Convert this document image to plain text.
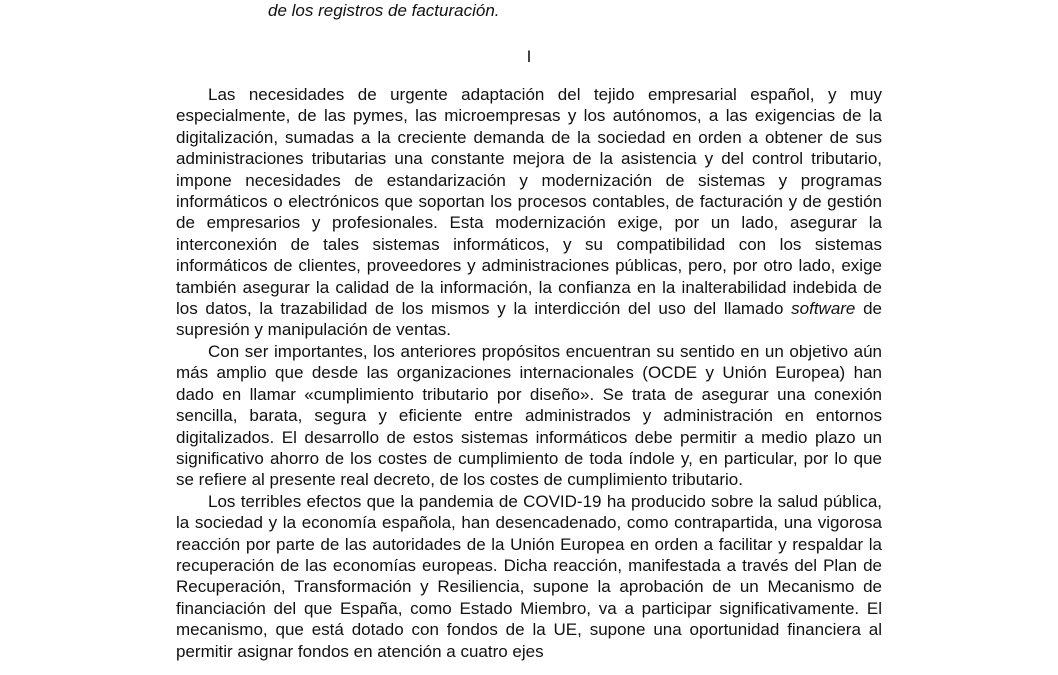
de los registros de facturación.
I

Las necesidades de urgente adaptación del tejido empresarial español, y muy especialmente, de las pymes, las microempresas y los autónomos, a las exigencias de la digitalización, sumadas a la creciente demanda de la sociedad en orden a obtener de sus administraciones tributarias una constante mejora de la asistencia y del control tributario, impone necesidades de estandarización y modernización de sistemas y programas informáticos o electrónicos que soportan los procesos contables, de facturación y de gestión de empresarios y profesionales. Esta modernización exige, por un lado, asegurar la interconexión de tales sistemas informáticos, y su compatibilidad con los sistemas informáticos de clientes, proveedores y administraciones públicas, pero, por otro lado, exige también asegurar la calidad de la información, la confianza en la inalterabilidad indebida de los datos, la trazabilidad de los mismos y la interdicción del uso del llamado software de supresión y manipulación de ventas.

Con ser importantes, los anteriores propósitos encuentran su sentido en un objetivo aún más amplio que desde las organizaciones internacionales (OCDE y Unión Europea) han dado en llamar «cumplimiento tributario por diseño». Se trata de asegurar una conexión sencilla, barata, segura y eficiente entre administrados y administración en entornos digitalizados. El desarrollo de estos sistemas informáticos debe permitir a medio plazo un significativo ahorro de los costes de cumplimiento de toda índole y, en particular, por lo que se refiere al presente real decreto, de los costes de cumplimiento tributario.

Los terribles efectos que la pandemia de COVID-19 ha producido sobre la salud pública, la sociedad y la economía española, han desencadenado, como contrapartida, una vigorosa reacción por parte de las autoridades de la Unión Europea en orden a facilitar y respaldar la recuperación de las economías europeas. Dicha reacción, manifestada a través del Plan de Recuperación, Transformación y Resiliencia, supone la aprobación de un Mecanismo de financiación del que España, como Estado Miembro, va a participar significativamente. El mecanismo, que está dotado con fondos de la UE, supone una oportunidad financiera al permitir asignar fondos en atención a cuatro ejes
